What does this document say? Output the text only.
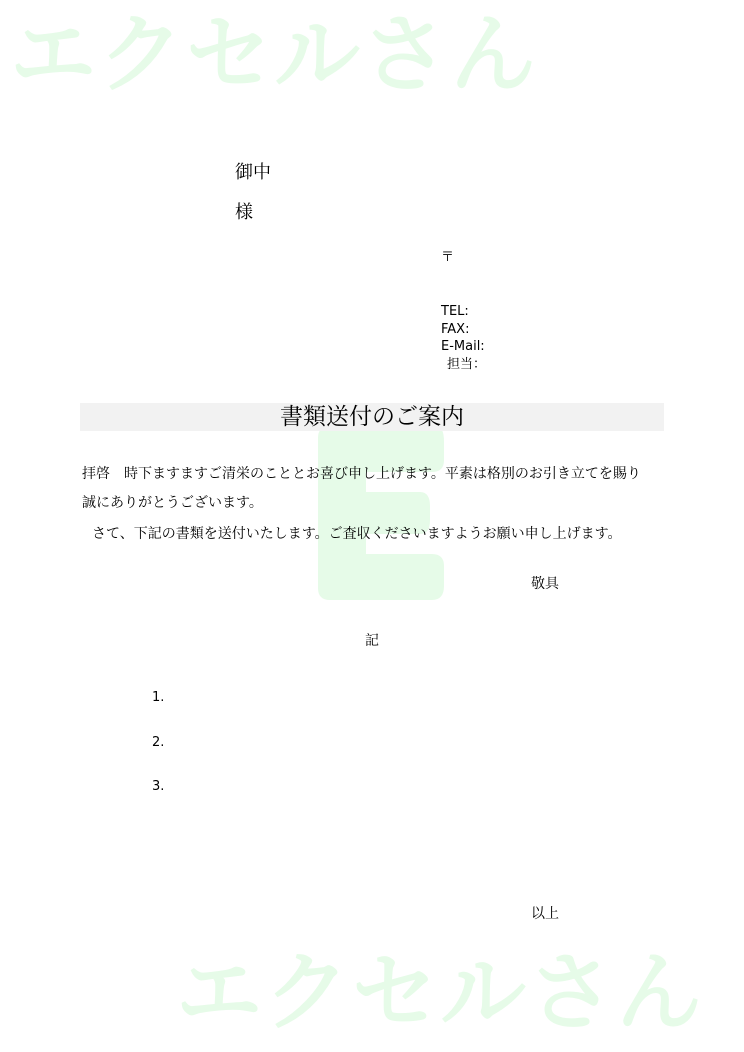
エクセルさん
エクセルさん
御中
様
〒
TEL:
FAX:
E-Mail:
担当：
書類送付のご案内
拝啓　時下ますますご清栄のこととお喜び申し上げます。平素は格別のお引き立てを賜り
誠にありがとうございます。
さて、下記の書類を送付いたします。ご査収くださいますようお願い申し上げます。
敬具
記
1.
2.
3.
以上
